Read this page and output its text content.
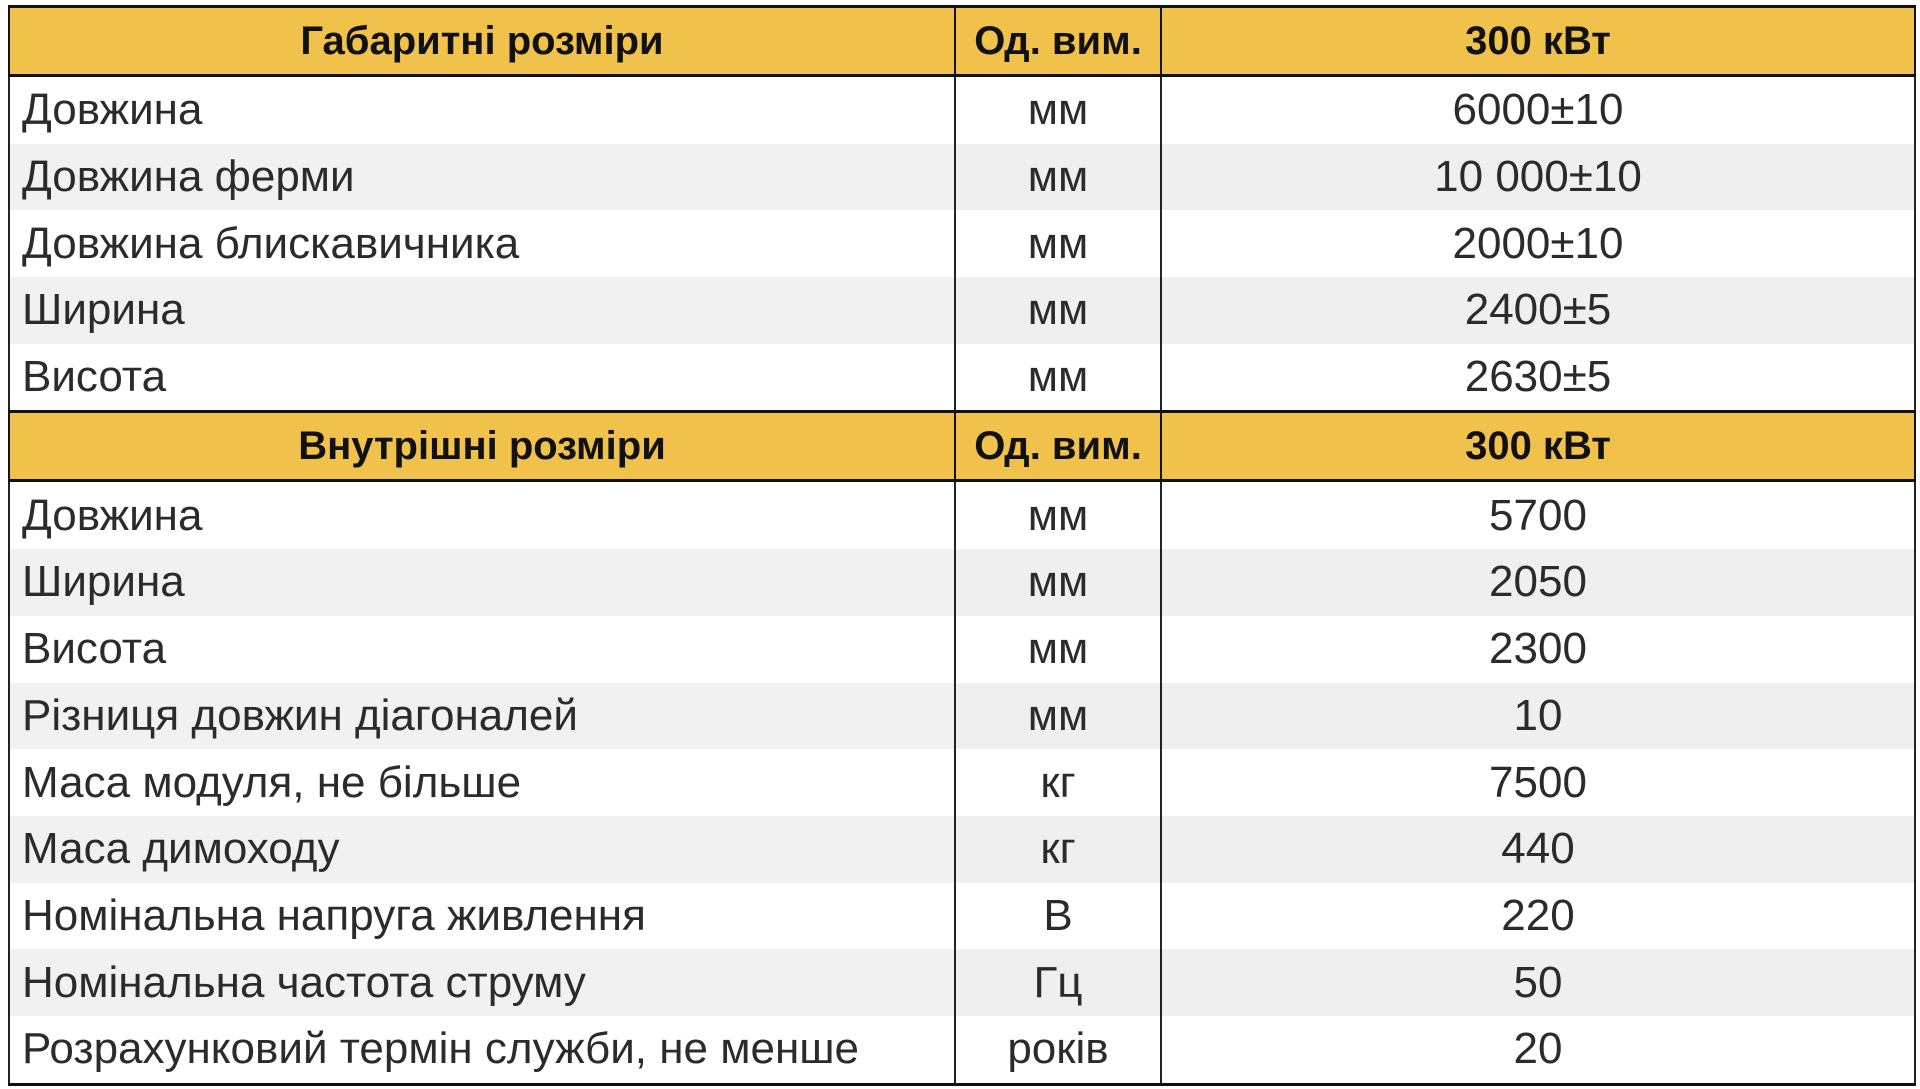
Габаритні розміри	Од. вим.	300 кВт
Довжина	мм	6000±10
Довжина ферми	мм	10 000±10
Довжина блискавичника	мм	2000±10
Ширина	мм	2400±5
Висота	мм	2630±5
Внутрішні розміри	Од. вим.	300 кВт
Довжина	мм	5700
Ширина	мм	2050
Висота	мм	2300
Різниця довжин діагоналей	мм	10
Маса модуля, не більше	кг	7500
Маса димоходу	кг	440
Номінальна напруга живлення	В	220
Номінальна частота струму	Гц	50
Розрахунковий термін служби, не менше	років	20
